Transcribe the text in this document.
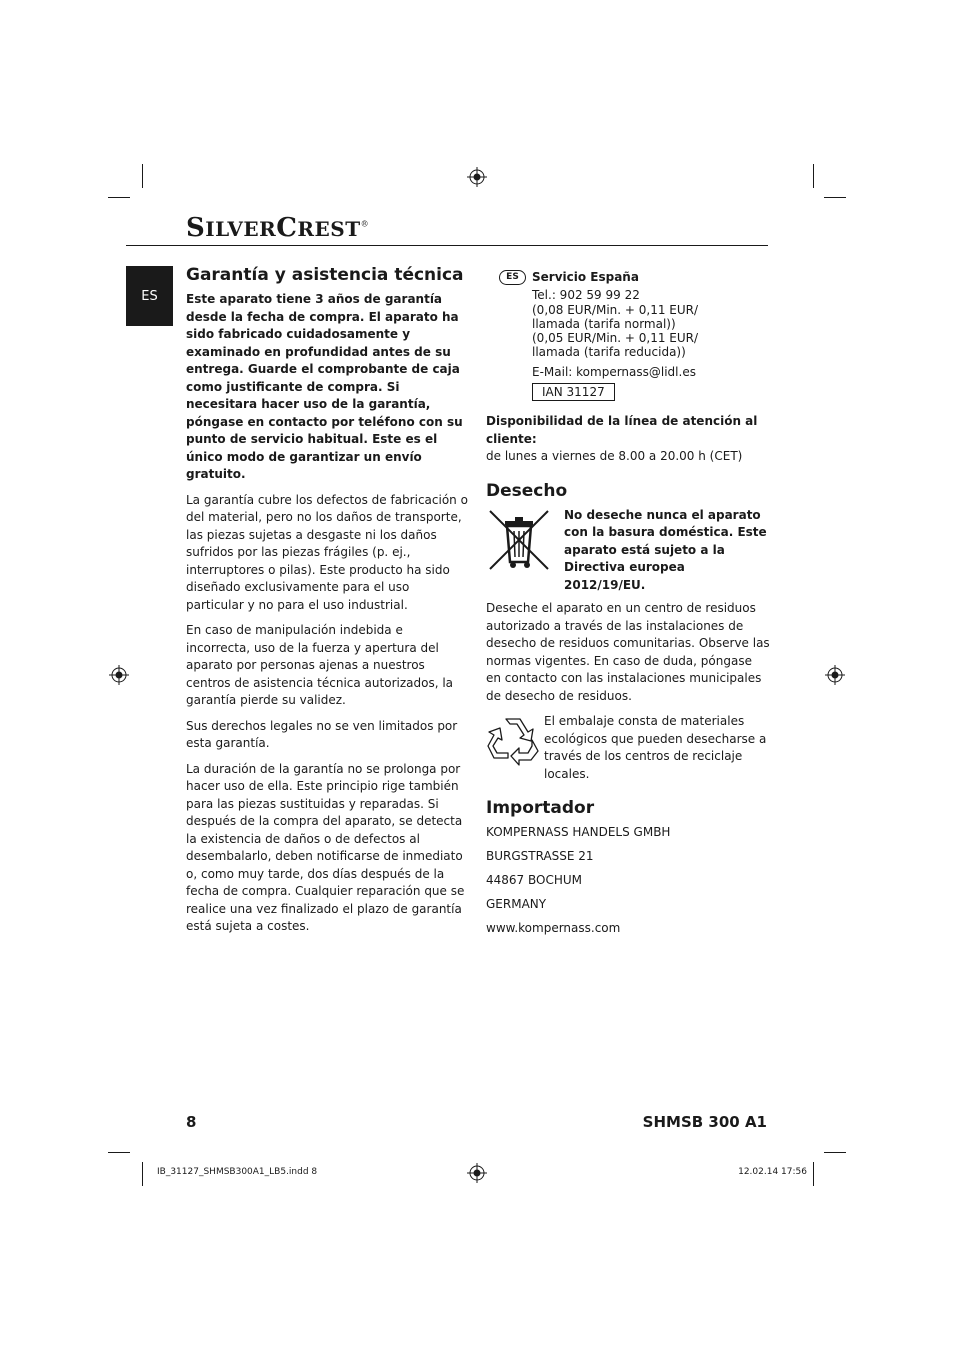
SILVERCREST®
ES
Garantía y asistencia técnica
Este aparato tiene 3 años de garantía desde la fecha de compra. El aparato ha sido fabricado cuidadosamente y examinado en profundidad antes de su entrega. Guarde el comprobante de caja como justificante de compra. Si necesitara hacer uso de la garantía, póngase en contacto por teléfono con su punto de servicio habitual. Este es el único modo de garantizar un envío gratuito.
La garantía cubre los defectos de fabricación o del material, pero no los daños de transporte, las piezas sujetas a desgaste ni los daños sufridos por las piezas frágiles (p. ej., interruptores o pilas). Este producto ha sido diseñado exclusivamente para el uso particular y no para el uso industrial.
En caso de manipulación indebida e incorrecta, uso de la fuerza y apertura del aparato por personas ajenas a nuestros centros de asistencia técnica autorizados, la garantía pierde su validez.
Sus derechos legales no se ven limitados por esta garantía.
La duración de la garantía no se prolonga por hacer uso de ella. Este principio rige también para las piezas sustituidas y reparadas. Si después de la compra del aparato, se detecta la existencia de daños o de defectos al desembalarlo, deben notificarse de inmediato o, como muy tarde, dos días después de la fecha de compra. Cualquier reparación que se realice una vez finalizado el plazo de garantía está sujeta a costes.
ES	Servicio España
Tel.: 902 59 99 22
(0,08 EUR/Min. + 0,11 EUR/
llamada (tarifa normal))
(0,05 EUR/Min. + 0,11 EUR/
llamada (tarifa reducida))
E-Mail: kompernass@lidl.es
IAN 31127
Disponibilidad de la línea de atención al cliente:
de lunes a viernes de 8.00 a 20.00 h (CET)
Desecho
No deseche nunca el aparato con la basura doméstica. Este aparato está sujeto a la Directiva europea 2012/19/EU.
Deseche el aparato en un centro de residuos autorizado a través de las instalaciones de desecho de residuos comunitarias. Observe las normas vigentes. En caso de duda, póngase en contacto con las instalaciones municipales de desecho de residuos.
El embalaje consta de materiales ecológicos que pueden desecharse a través de los centros de reciclaje locales.
Importador
KOMPERNASS HANDELS GMBH
BURGSTRASSE 21
44867 BOCHUM
GERMANY
www.kompernass.com
8	SHMSB 300 A1
IB_31127_SHMSB300A1_LB5.indd 8	12.02.14 17:56
